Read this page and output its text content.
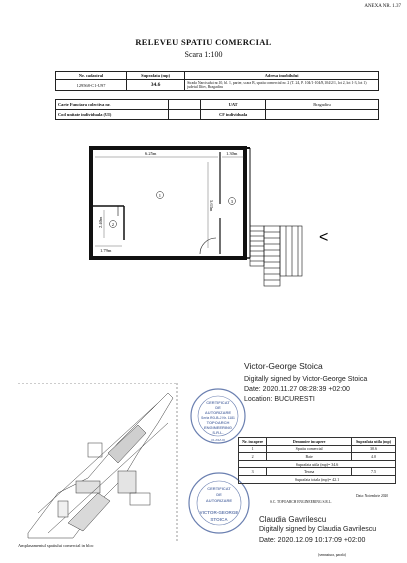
ANEXA NR. 1.37
RELEVEU SPATIU COMERCIAL
Scara 1:100
Nr. cadastral	Suprafata (mp)	Adresa imobilului
129568-C1-U97	34.6	Strada Narcisului nr.10, bl. 1, parter, scara B, spatiu comercial nr. 2 (T. 24, P. 104/1-104/8,104/2/1, lot 2, lot 1-3, lot 1) judetul Ilfov, Bragadiru
Carte Funciara colectiva nr.		UAT	Bragadiru
Cod unitate individuala (UI)		CF individuala	
6.25m	1.30m
5.63m
2.40m
1.79m
1
2
3
<
Amplasamentul spatiului comercial in bloc
CERTIFICAT
DE
AUTORIZARE
Seria RO-B-J Nr. 1181
TOPOARCH
ENGINEERING
S.R.L.
CLASA III
CERTIFICAT
DE
AUTORIZARE
VICTOR-GEORGE
STOICA
Victor-George Stoica
Digitally signed by Victor-George Stoica
Date: 2020.11.27 08:28:39 +02:00
Location: BUCURESTI
Nr. incapere	Denumire incapere	Suprafata utila (mp)
1	Spatiu comercial	30.6
2	Baie	4.0
Suprafata utila (mp)= 34.6		
3	Terasa	7.5
Suprafata totala (mp)= 42.1		
S.C. TOPOARCH ENGINEERING S.R.L.
Data: Noiembrie 2020
(semnatura, parafa)
Claudia Gavrilescu
Digitally signed by Claudia Gavrilescu
Date: 2020.12.09 10:17:09 +02:00
